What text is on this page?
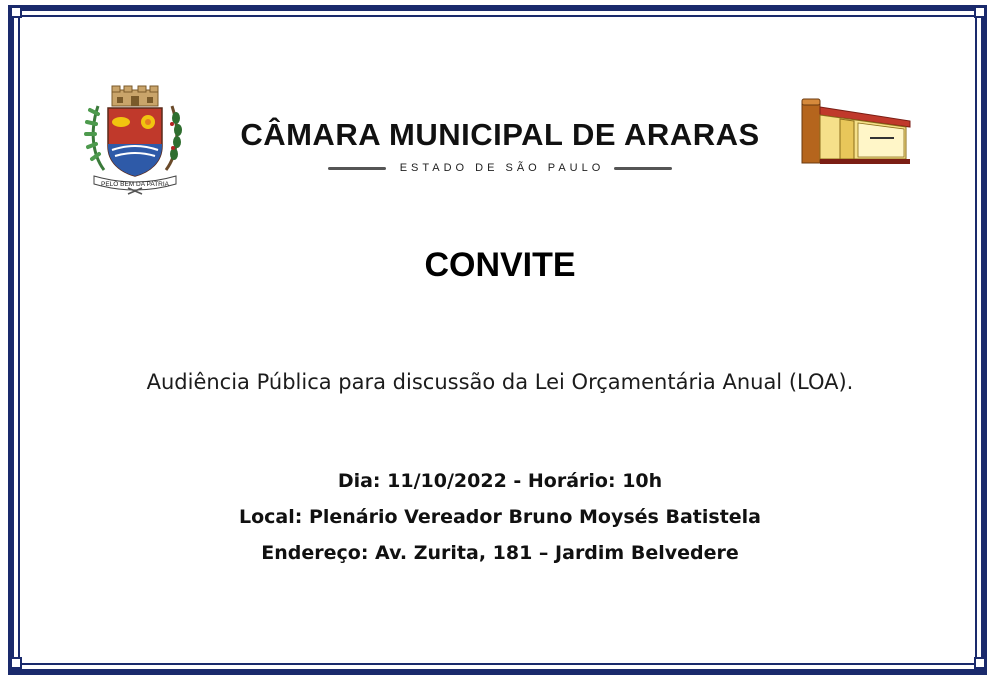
PELO BEM DA PATRIA
CÂMARA MUNICIPAL DE ARARAS
ESTADO DE SÃO PAULO
CONVITE
Audiência Pública para discussão da Lei Orçamentária Anual (LOA).
Dia: 11/10/2022 - Horário: 10h
Local: Plenário Vereador Bruno Moysés Batistela
Endereço: Av. Zurita, 181 – Jardim Belvedere
